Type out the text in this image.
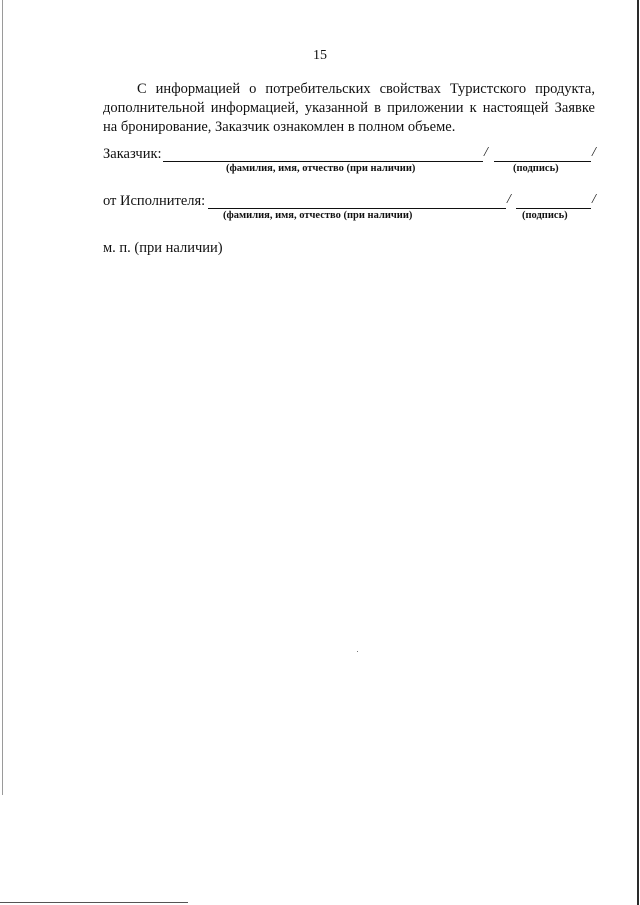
15
С информацией о потребительских свойствах Туристского продукта, дополнительной информацией, указанной в приложении к настоящей Заявке на бронирование, Заказчик ознакомлен в полном объеме.
Заказчик:	/	/
(фамилия, имя, отчество (при наличии)	(подпись)
от Исполнителя:	/	/
(фамилия, имя, отчество (при наличии)	(подпись)
м. п. (при наличии)
